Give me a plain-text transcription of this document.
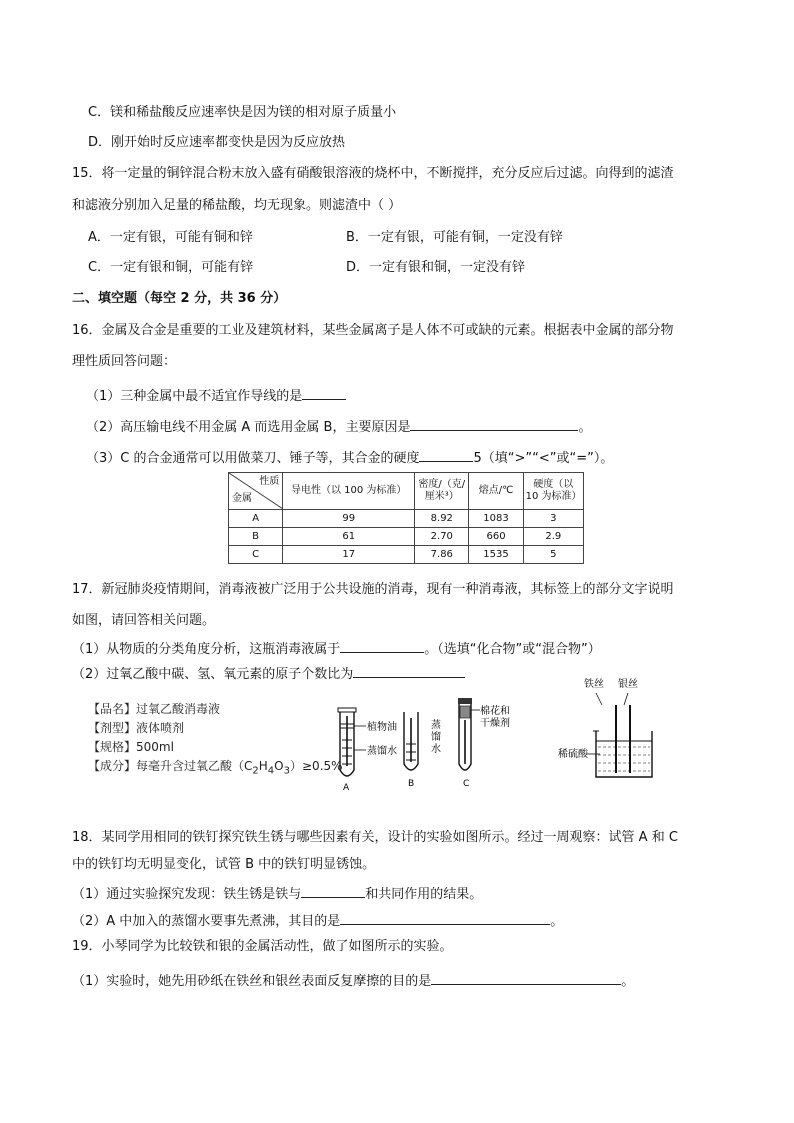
C．镁和稀盐酸反应速率快是因为镁的相对原子质量小
D．刚开始时反应速率都变快是因为反应放热
15．将一定量的铜锌混合粉末放入盛有硝酸银溶液的烧杯中，不断搅拌，充分反应后过滤。向得到的滤渣
和滤液分别加入足量的稀盐酸，均无现象。则滤渣中（ ）
A．一定有银，可能有铜和锌	B．一定有银，可能有铜，一定没有锌
C．一定有银和铜，可能有锌	D．一定有银和铜，一定没有锌
二、填空题（每空 2 分，共 36 分）
16．金属及合金是重要的工业及建筑材料，某些金属离子是人体不可或缺的元素。根据表中金属的部分物
理性质回答问题：
（1）三种金属中最不适宜作导线的是
（2）高压输电线不用金属 A 而选用金属 B，主要原因是	。
（3）C 的合金通常可以用做菜刀、锤子等，其合金的硬度	5（填“>”“<”或“=”）。
性质
金属	导电性（以 100 为标准）	密度/（克/厘米³）	熔点/℃	硬度（以 10 为标准）
A	99	8.92	1083	3
B	61	2.70	660	2.9
C	17	7.86	1535	5
17．新冠肺炎疫情期间，消毒液被广泛用于公共设施的消毒，现有一种消毒液，其标签上的部分文字说明
如图，请回答相关问题。
（1）从物质的分类角度分析，这瓶消毒液属于	。（选填“化合物”或“混合物”）
（2）过氧乙酸中碳、氢、氧元素的原子个数比为
【品名】过氧乙酸消毒液
【剂型】液体喷剂
【规格】500ml
【成分】每毫升含过氧乙酸$(C_2H_4O_3)\ge 0.5\%$
植物油
蒸馏水
A
蒸
馏
水
B
棉花和
干燥剂
C
铁丝 银丝
稀硫酸
18．某同学用相同的铁钉探究铁生锈与哪些因素有关，设计的实验如图所示。经过一周观察：试管 A 和 C
中的铁钉均无明显变化，试管 B 中的铁钉明显锈蚀。
（1）通过实验探究发现：铁生锈是铁与	和共同作用的结果。
（2）A 中加入的蒸馏水要事先煮沸，其目的是	。
19．小琴同学为比较铁和银的金属活动性，做了如图所示的实验。
（1）实验时，她先用砂纸在铁丝和银丝表面反复摩擦的目的是	。
